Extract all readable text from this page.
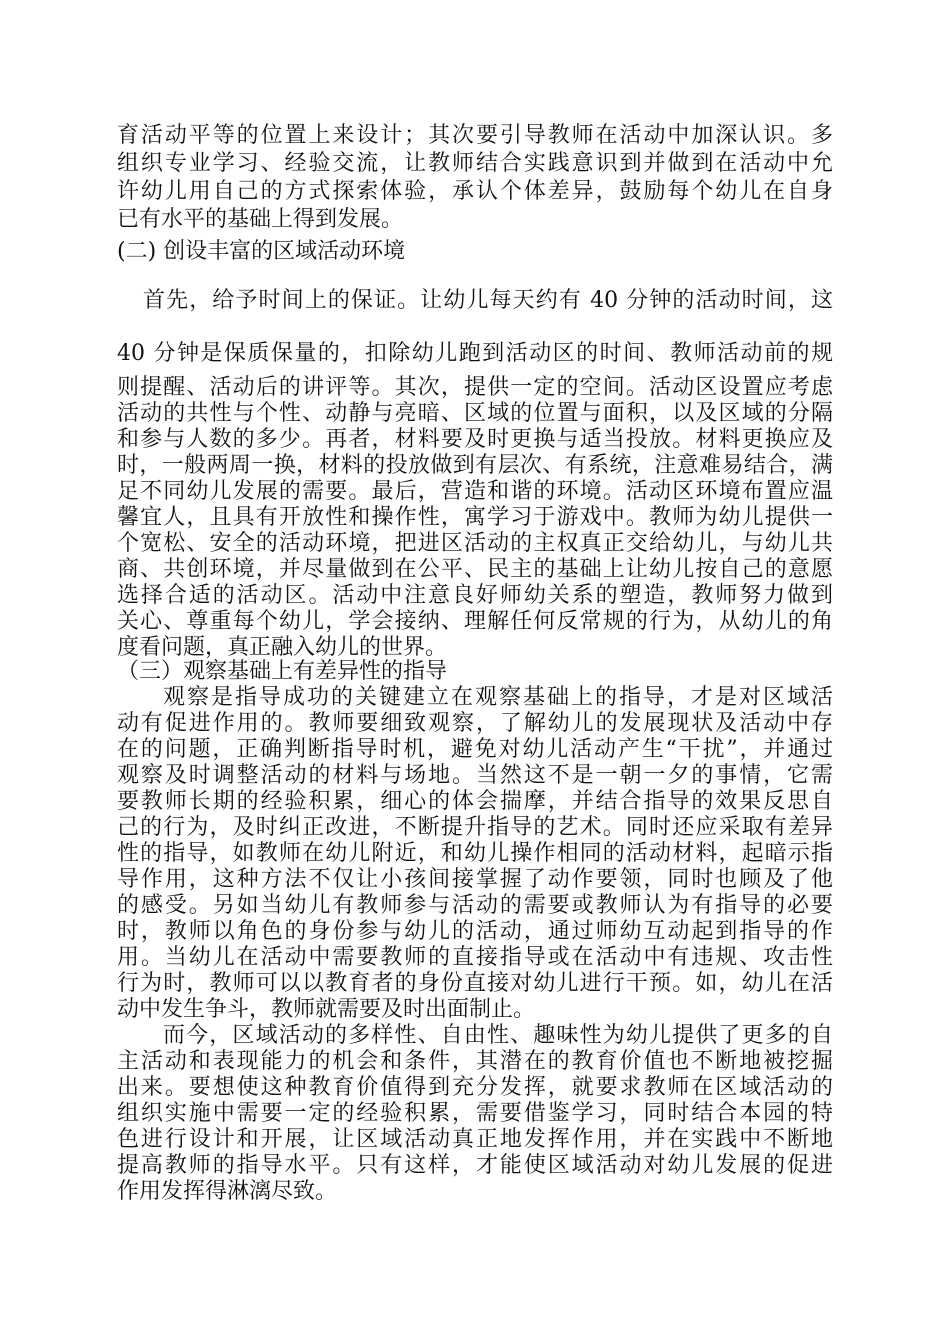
育活动平等的位置上来设计；其次要引导教师在活动中加深认识。多
组织专业学习、经验交流，让教师结合实践意识到并做到在活动中允
许幼儿用自己的方式探索体验，承认个体差异，鼓励每个幼儿在自身
已有水平的基础上得到发展。
(二) 创设丰富的区域活动环境
首先，给予时间上的保证。让幼儿每天约有 40 分钟的活动时间，这
40 分钟是保质保量的，扣除幼儿跑到活动区的时间、教师活动前的规
则提醒、活动后的讲评等。其次，提供一定的空间。活动区设置应考虑
活动的共性与个性、动静与亮暗、区域的位置与面积，以及区域的分隔
和参与人数的多少。再者，材料要及时更换与适当投放。材料更换应及
时，一般两周一换，材料的投放做到有层次、有系统，注意难易结合，满
足不同幼儿发展的需要。最后，营造和谐的环境。活动区环境布置应温
馨宜人，且具有开放性和操作性，寓学习于游戏中。教师为幼儿提供一
个宽松、安全的活动环境，把进区活动的主权真正交给幼儿，与幼儿共
商、共创环境，并尽量做到在公平、民主的基础上让幼儿按自己的意愿
选择合适的活动区。活动中注意良好师幼关系的塑造，教师努力做到
关心、尊重每个幼儿，学会接纳、理解任何反常规的行为，从幼儿的角
度看问题，真正融入幼儿的世界。
（三）观察基础上有差异性的指导
观察是指导成功的关键建立在观察基础上的指导，才是对区域活
动有促进作用的。教师要细致观察，了解幼儿的发展现状及活动中存
在的问题，正确判断指导时机，避免对幼儿活动产生“干扰”，并通过
观察及时调整活动的材料与场地。当然这不是一朝一夕的事情，它需
要教师长期的经验积累，细心的体会揣摩，并结合指导的效果反思自
己的行为，及时纠正改进，不断提升指导的艺术。同时还应采取有差异
性的指导，如教师在幼儿附近，和幼儿操作相同的活动材料，起暗示指
导作用，这种方法不仅让小孩间接掌握了动作要领，同时也顾及了他
的感受。另如当幼儿有教师参与活动的需要或教师认为有指导的必要
时，教师以角色的身份参与幼儿的活动，通过师幼互动起到指导的作
用。当幼儿在活动中需要教师的直接指导或在活动中有违规、攻击性
行为时，教师可以以教育者的身份直接对幼儿进行干预。如，幼儿在活
动中发生争斗，教师就需要及时出面制止。
而今，区域活动的多样性、自由性、趣味性为幼儿提供了更多的自
主活动和表现能力的机会和条件，其潜在的教育价值也不断地被挖掘
出来。要想使这种教育价值得到充分发挥，就要求教师在区域活动的
组织实施中需要一定的经验积累，需要借鉴学习，同时结合本园的特
色进行设计和开展，让区域活动真正地发挥作用，并在实践中不断地
提高教师的指导水平。只有这样，才能使区域活动对幼儿发展的促进
作用发挥得淋漓尽致。
